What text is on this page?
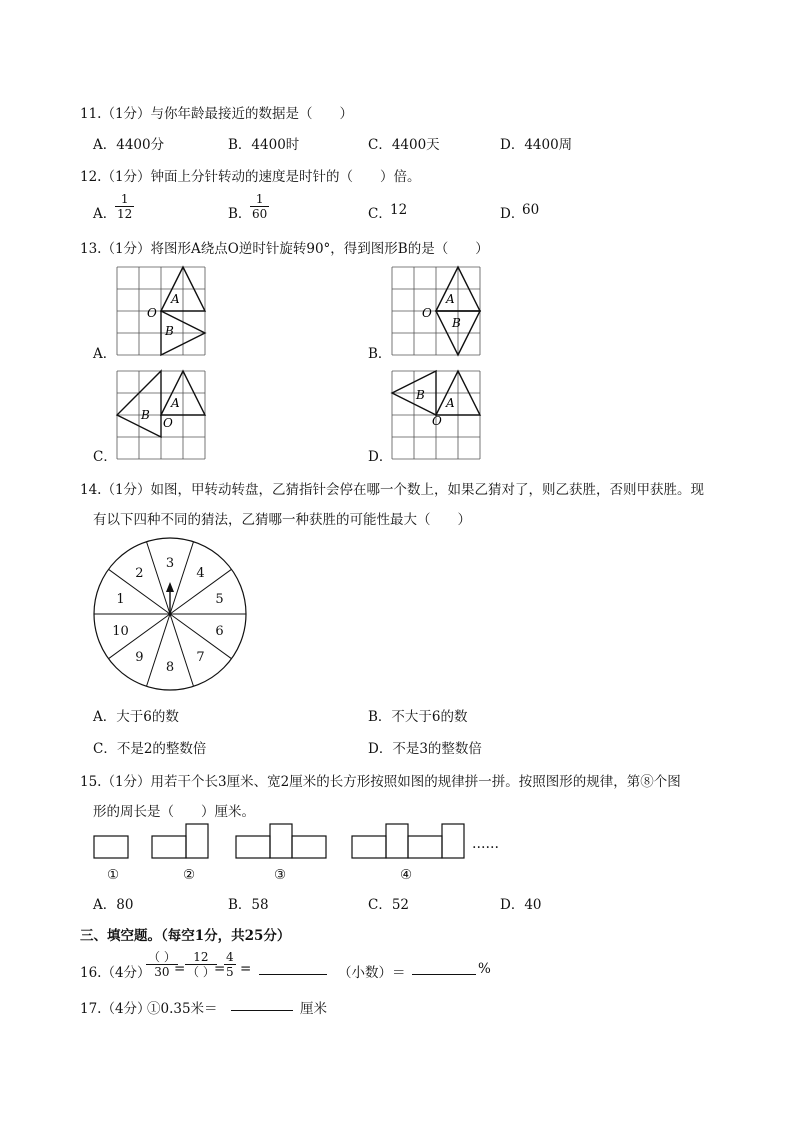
11.（1分）与你年龄最接近的数据是（　　）
A．4400分	B．4400时	C．4400天	D．4400周
12.（1分）钟面上分针转动的速度是时针的（　　）倍。
A．
1
12	B．
1
60	C．
12	D．
60
13.（1分）将图形A绕点O逆时针旋转90°，得到图形B的是（　　）
A．
A
B
O
B．
A
B
O
C．
A
B
O
D．
A
B
O
14.（1分）如图，甲转动转盘，乙猜指针会停在哪一个数上，如果乙猜对了，则乙获胜，否则甲获胜。现
有以下四种不同的猜法，乙猜哪一种获胜的可能性最大（　　）
1
2
3
4
5
6
7
8
9
10
A．大于6的数	B．不大于6的数
C．不是2的整数倍	D．不是3的整数倍
15.（1分）用若干个长3厘米、宽2厘米的长方形按照如图的规律拼一拼。按照图形的规律，第⑧个图
形的周长是（　　）厘米。
……
①	②	③	④
A．80	B．58	C．52	D．40
三、填空题。（每空1分，共25分）
16.（4分）
（ ）
30 =
12
（ ） =
4
5 =	（小数）＝	%
17.（4分）
①0.35米＝	厘米
